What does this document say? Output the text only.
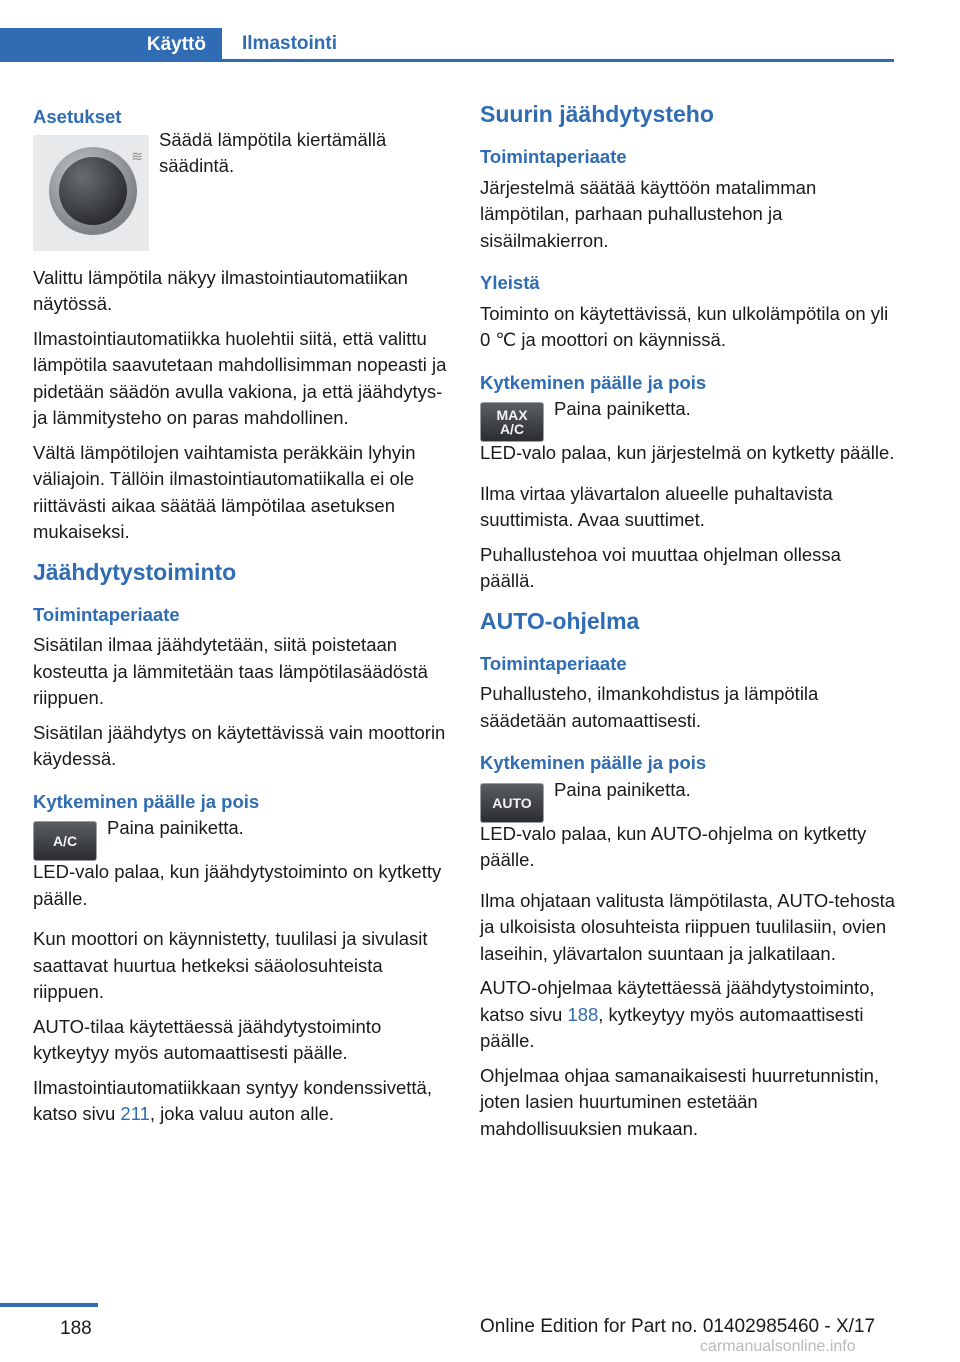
Käyttö	Ilmastointi
Asetukset
≋

Säädä lämpötila kiertämällä säädintä.

Valittu lämpötila näkyy ilmastointiautomatiikan näytössä.

Ilmastointiautomatiikka huolehtii siitä, että valittu lämpötila saavutetaan mahdollisimman nopeasti ja pidetään säädön avulla vakiona, ja että jäähdytys- ja lämmitysteho on paras mahdollinen.

Vältä lämpötilojen vaihtamista peräkkäin lyhyin väliajoin. Tällöin ilmastointiautomatiikalla ei ole riittävästi aikaa säätää lämpötilaa asetuksen mukaiseksi.

Jäähdytystoiminto
Toimintaperiaate

Sisätilan ilmaa jäähdytetään, siitä poistetaan kosteutta ja lämmitetään taas lämpötilasäädöstä riippuen.

Sisätilan jäähdytys on käytettävissä vain moottorin käydessä.

Kytkeminen päälle ja pois
A/C

Paina painiketta.

LED-valo palaa, kun jäähdytystoiminto on kytketty päälle.

Kun moottori on käynnistetty, tuulilasi ja sivulasit saattavat huurtua hetkeksi sääolosuhteista riippuen.

AUTO-tilaa käytettäessä jäähdytystoiminto kytkeytyy myös automaattisesti päälle.

Ilmastointiautomatiikkaan syntyy kondenssivettä, katso sivu 211, joka valuu auton alle.

Suurin jäähdytysteho
Toimintaperiaate

Järjestelmä säätää käyttöön matalimman lämpötilan, parhaan puhallustehon ja sisäilmakierron.

Yleistä

Toiminto on käytettävissä, kun ulkolämpötila on yli 0 ℃ ja moottori on käynnissä.

Kytkeminen päälle ja pois
MAX
A/C

Paina painiketta.

LED-valo palaa, kun järjestelmä on kytketty päälle.

Ilma virtaa ylävartalon alueelle puhaltavista suuttimista. Avaa suuttimet.

Puhallustehoa voi muuttaa ohjelman ollessa päällä.

AUTO-ohjelma
Toimintaperiaate

Puhallusteho, ilmankohdistus ja lämpötila säädetään automaattisesti.

Kytkeminen päälle ja pois
AUTO

Paina painiketta.

LED-valo palaa, kun AUTO-ohjelma on kytketty päälle.

Ilma ohjataan valitusta lämpötilasta, AUTO-tehosta ja ulkoisista olosuhteista riippuen tuulilasiin, ovien laseihin, ylävartalon suuntaan ja jalkatilaan.

AUTO-ohjelmaa käytettäessä jäähdytystoiminto, katso sivu 188, kytkeytyy myös automaattisesti päälle.

Ohjelmaa ohjaa samanaikaisesti huurretunnistin, joten lasien huurtuminen estetään mahdollisuuksien mukaan.

188	Online Edition for Part no. 01402985460 - X/17
carmanualsonline.info
